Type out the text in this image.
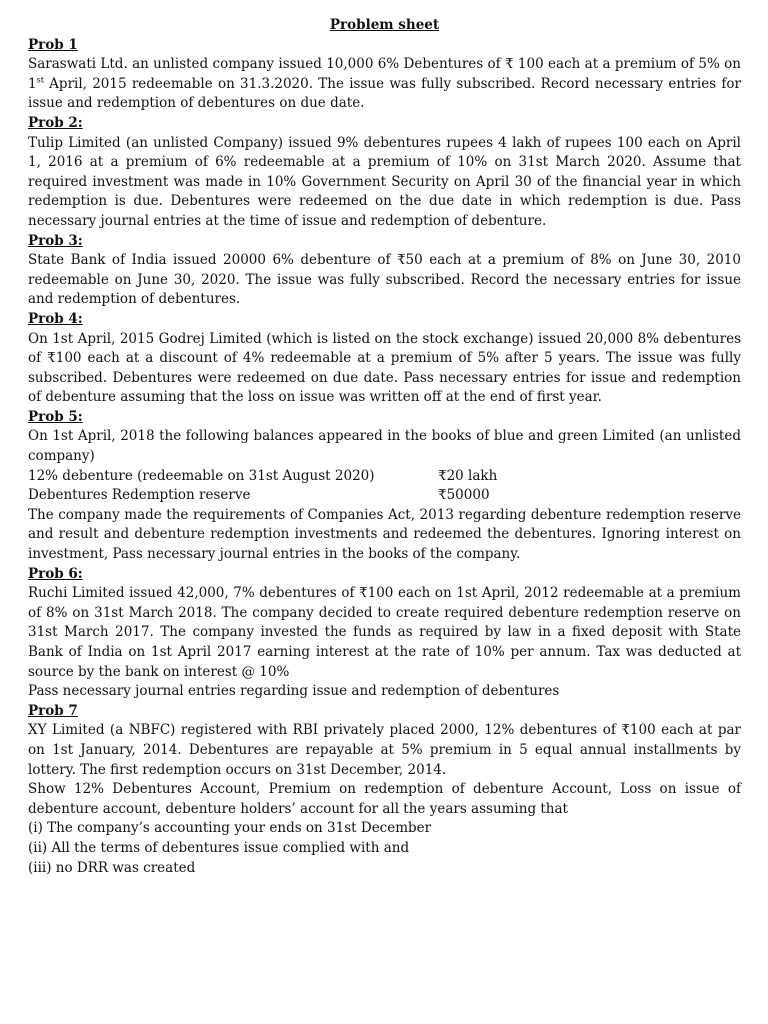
Problem sheet
Prob 1

Saraswati Ltd. an unlisted company issued 10,000 6% Debentures of ₹ 100 each at a premium of 5% on 1st April, 2015 redeemable on 31.3.2020. The issue was fully subscribed. Record necessary entries for issue and redemption of debentures on due date.

Prob 2:

Tulip Limited (an unlisted Company) issued 9% debentures rupees 4 lakh of rupees 100 each on April 1, 2016 at a premium of 6% redeemable at a premium of 10% on 31st March 2020. Assume that required investment was made in 10% Government Security on April 30 of the financial year in which redemption is due. Debentures were redeemed on the due date in which redemption is due. Pass necessary journal entries at the time of issue and redemption of debenture.

Prob 3:

State Bank of India issued 20000 6% debenture of ₹50 each at a premium of 8% on June 30, 2010 redeemable on June 30, 2020. The issue was fully subscribed. Record the necessary entries for issue and redemption of debentures.

Prob 4:

On 1st April, 2015 Godrej Limited (which is listed on the stock exchange) issued 20,000 8% debentures of ₹100 each at a discount of 4% redeemable at a premium of 5% after 5 years. The issue was fully subscribed. Debentures were redeemed on due date. Pass necessary entries for issue and redemption of debenture assuming that the loss on issue was written off at the end of first year.

Prob 5:

On 1st April, 2018 the following balances appeared in the books of blue and green Limited (an unlisted company)

12% debenture (redeemable on 31st August 2020)	₹20 lakh
Debentures Redemption reserve	₹50000

The company made the requirements of Companies Act, 2013 regarding debenture redemption reserve and result and debenture redemption investments and redeemed the debentures. Ignoring interest on investment, Pass necessary journal entries in the books of the company.

Prob 6:

Ruchi Limited issued 42,000, 7% debentures of ₹100 each on 1st April, 2012 redeemable at a premium of 8% on 31st March 2018. The company decided to create required debenture redemption reserve on 31st March 2017. The company invested the funds as required by law in a fixed deposit with State Bank of India on 1st April 2017 earning interest at the rate of 10% per annum. Tax was deducted at source by the bank on interest @ 10%

Pass necessary journal entries regarding issue and redemption of debentures

Prob 7

XY Limited (a NBFC) registered with RBI privately placed 2000, 12% debentures of ₹100 each at par on 1st January, 2014. Debentures are repayable at 5% premium in 5 equal annual installments by lottery. The first redemption occurs on 31st December, 2014.

Show 12% Debentures Account, Premium on redemption of debenture Account, Loss on issue of debenture account, debenture holders’ account for all the years assuming that

(i) The company’s accounting your ends on 31st December

(ii) All the terms of debentures issue complied with and

(iii) no DRR was created
